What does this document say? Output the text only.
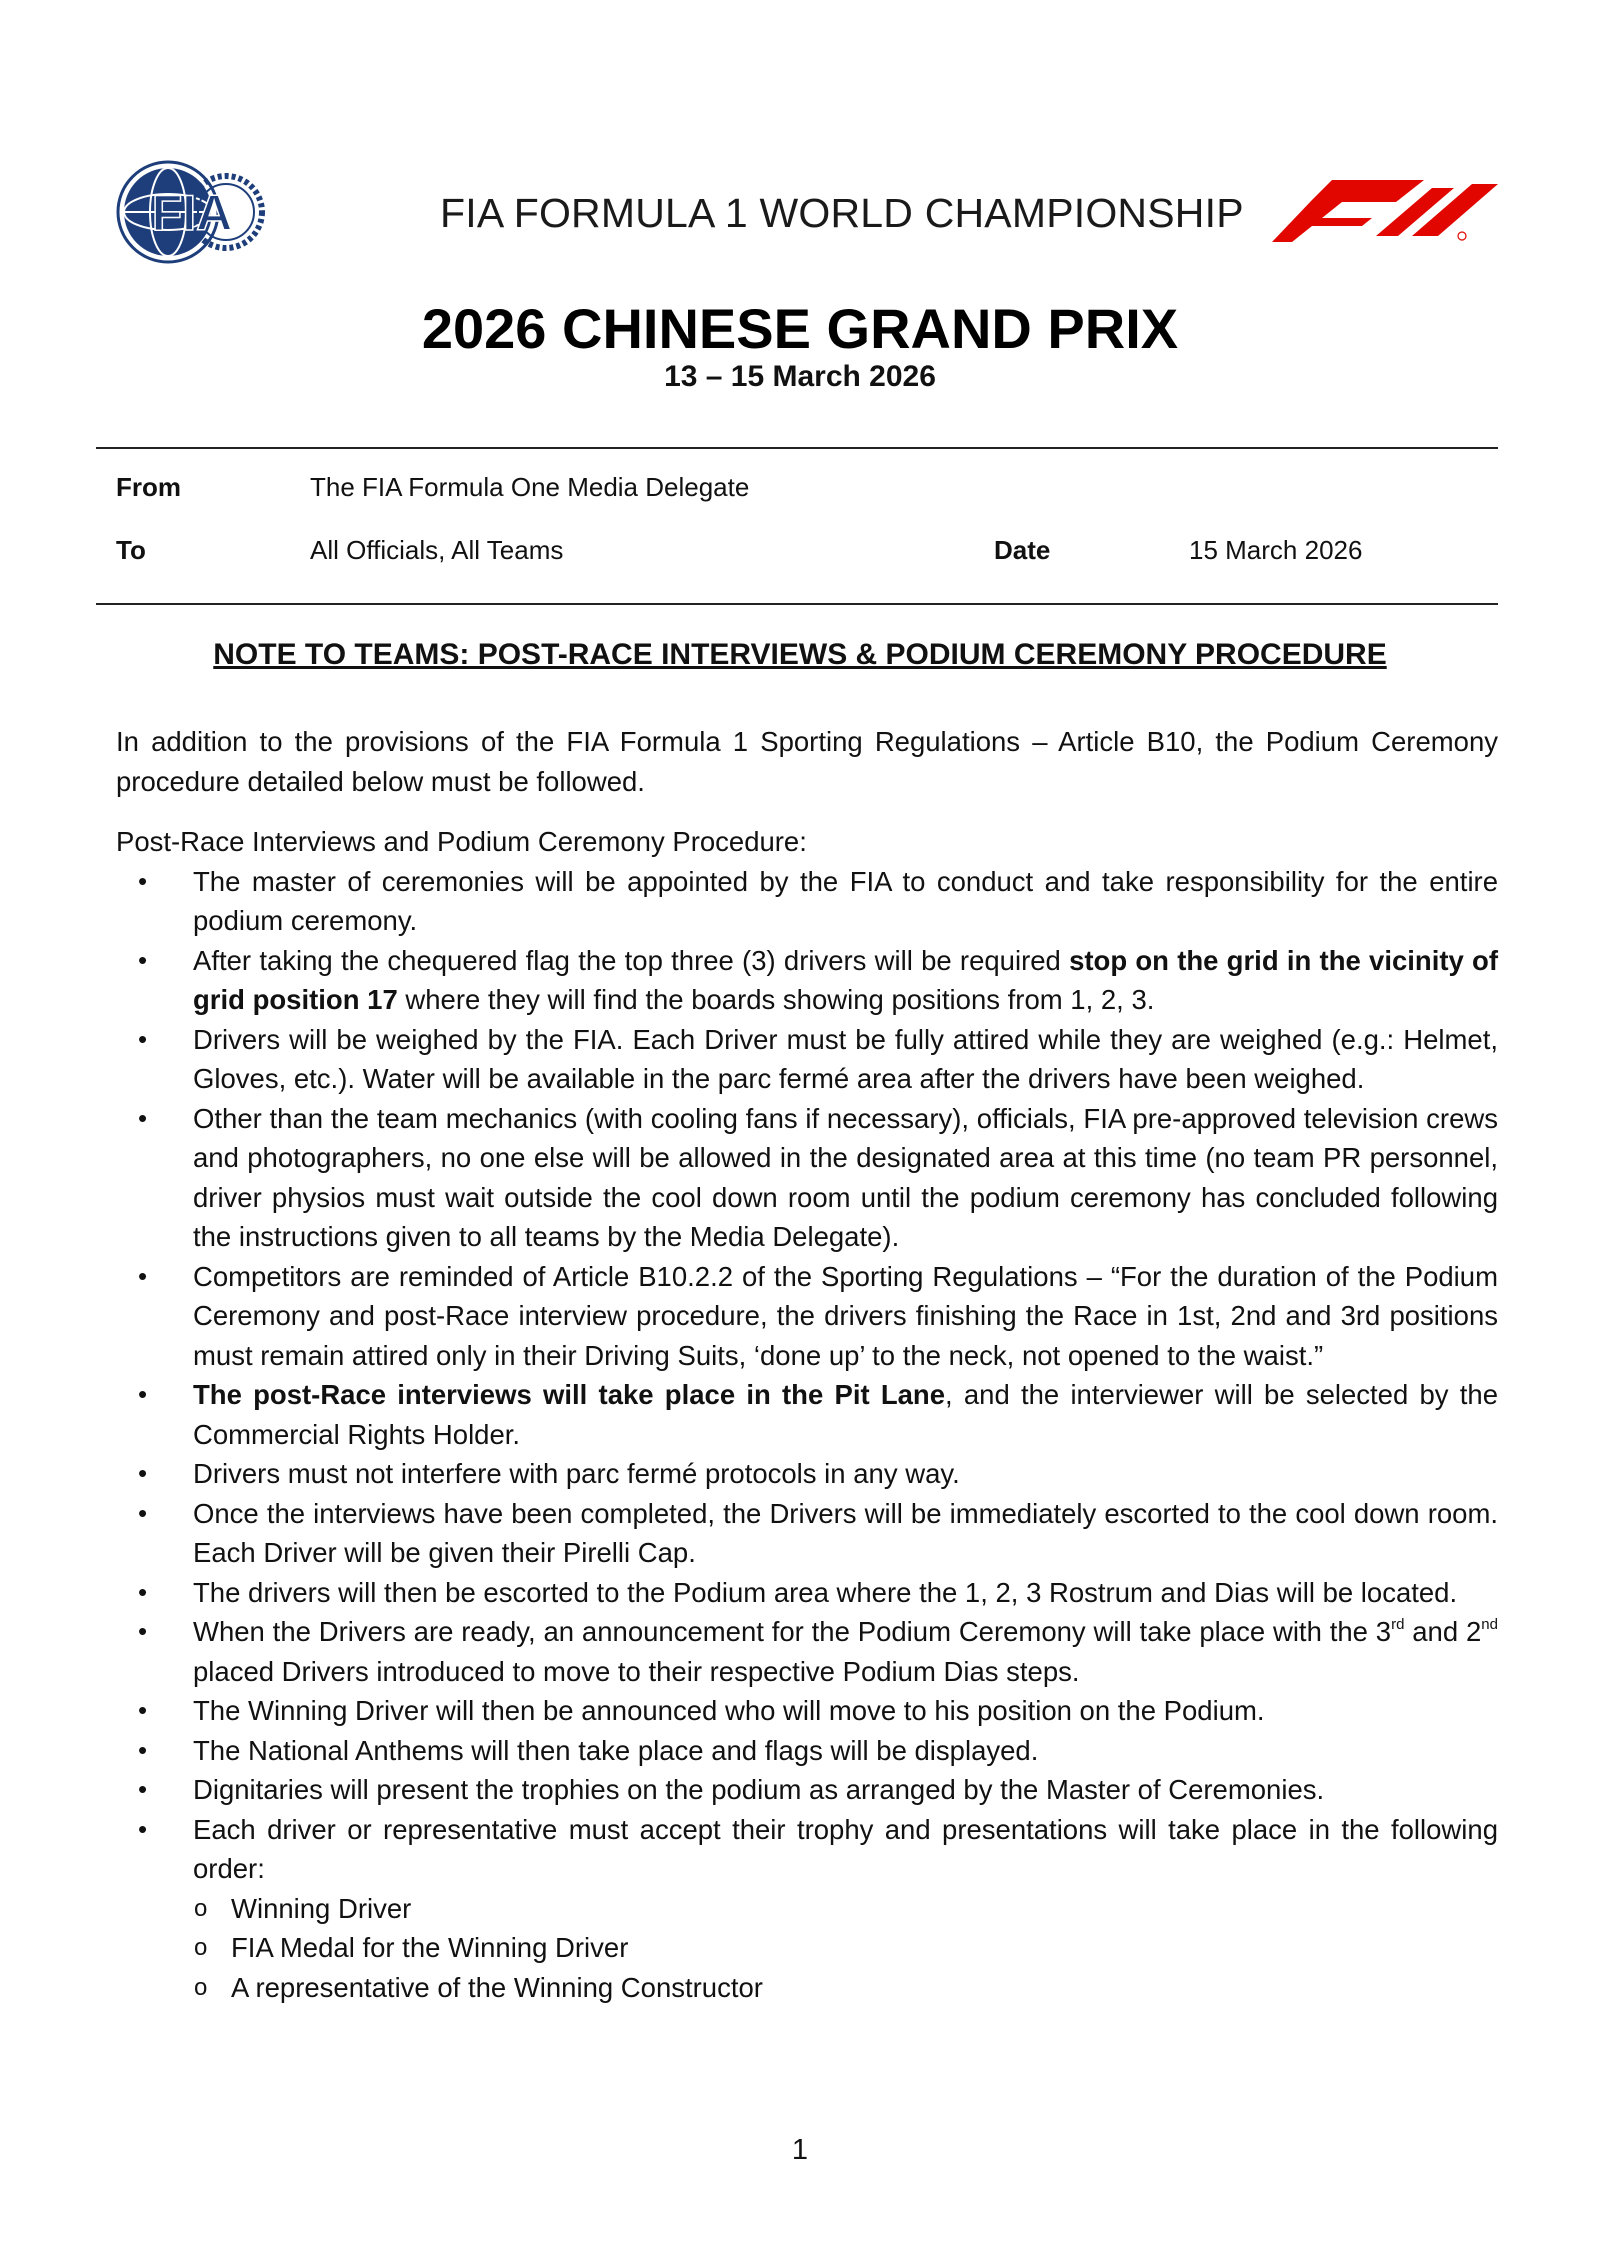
FIA	FIA FORMULA 1 WORLD CHAMPIONSHIP
2026 CHINESE GRAND PRIX
13 – 15 March 2026
From	The FIA Formula One Media Delegate
To	All Officials, All Teams	Date	15 March 2026
NOTE TO TEAMS: POST-RACE INTERVIEWS & PODIUM CEREMONY PROCEDURE

In addition to the provisions of the FIA Formula 1 Sporting Regulations – Article B10, the Podium Ceremony procedure detailed below must be followed.

Post-Race Interviews and Podium Ceremony Procedure:

• The master of ceremonies will be appointed by the FIA to conduct and take responsibility for the entire podium ceremony.
• After taking the chequered flag the top three (3) drivers will be required stop on the grid in the vicinity of grid position 17 where they will find the boards showing positions from 1, 2, 3.
• Drivers will be weighed by the FIA. Each Driver must be fully attired while they are weighed (e.g.: Helmet, Gloves, etc.). Water will be available in the parc fermé area after the drivers have been weighed.
• Other than the team mechanics (with cooling fans if necessary), officials, FIA pre-approved television crews and photographers, no one else will be allowed in the designated area at this time (no team PR personnel, driver physios must wait outside the cool down room until the podium ceremony has concluded following the instructions given to all teams by the Media Delegate).
• Competitors are reminded of Article B10.2.2 of the Sporting Regulations – “For the duration of the Podium Ceremony and post-Race interview procedure, the drivers finishing the Race in 1st, 2nd and 3rd positions must remain attired only in their Driving Suits, ‘done up’ to the neck, not opened to the waist.”
• The post-Race interviews will take place in the Pit Lane, and the interviewer will be selected by the Commercial Rights Holder.
• Drivers must not interfere with parc fermé protocols in any way.
• Once the interviews have been completed, the Drivers will be immediately escorted to the cool down room. Each Driver will be given their Pirelli Cap.
• The drivers will then be escorted to the Podium area where the 1, 2, 3 Rostrum and Dias will be located.
• When the Drivers are ready, an announcement for the Podium Ceremony will take place with the 3rd and 2nd placed Drivers introduced to move to their respective Podium Dias steps.
• The Winning Driver will then be announced who will move to his position on the Podium.
• The National Anthems will then take place and flags will be displayed.
• Dignitaries will present the trophies on the podium as arranged by the Master of Ceremonies.
• Each driver or representative must accept their trophy and presentations will take place in the following order:
o Winning Driver
o FIA Medal for the Winning Driver
o A representative of the Winning Constructor
1
